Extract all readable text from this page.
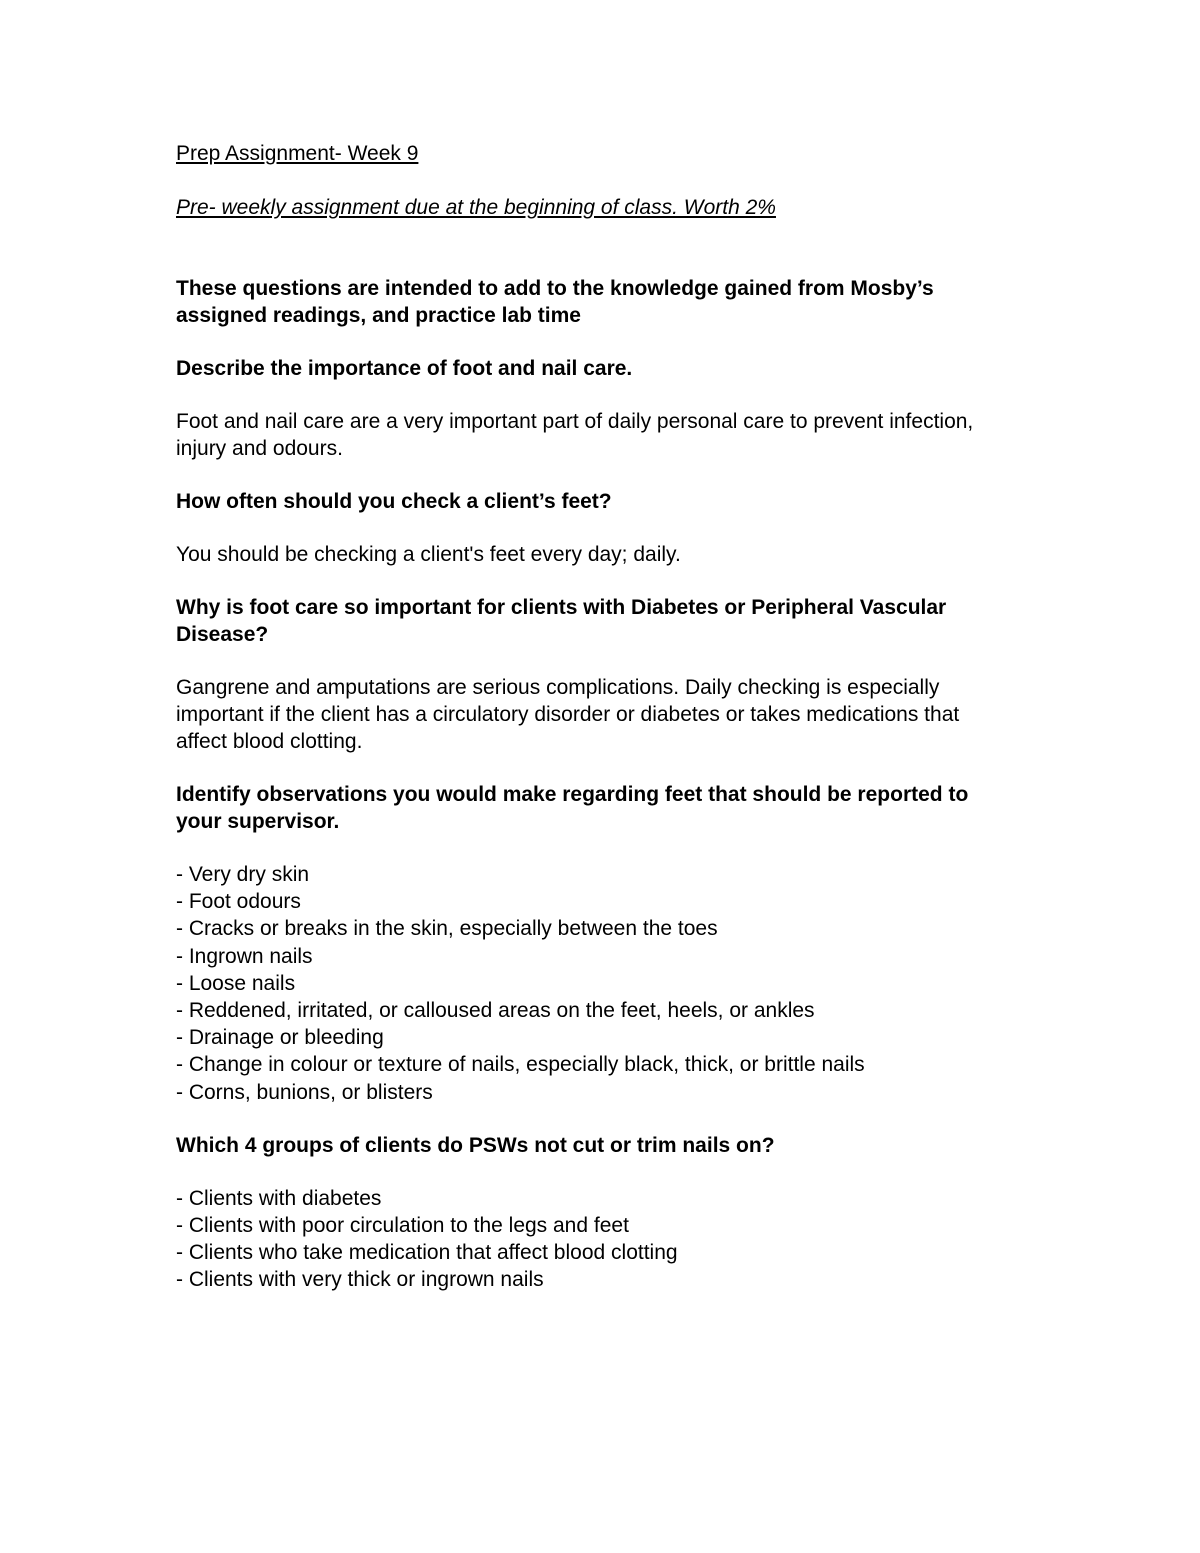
Prep Assignment- Week 9

Pre- weekly assignment due at the beginning of class. Worth 2%

These questions are intended to add to the knowledge gained from Mosby’s assigned readings, and practice lab time

Describe the importance of foot and nail care.

Foot and nail care are a very important part of daily personal care to prevent infection, injury and odours.

How often should you check a client’s feet?

You should be checking a client's feet every day; daily.

Why is foot care so important for clients with Diabetes or Peripheral Vascular Disease?

Gangrene and amputations are serious complications. Daily checking is especially important if the client has a circulatory disorder or diabetes or takes medications that affect blood clotting.

Identify observations you would make regarding feet that should be reported to your supervisor.

- Very dry skin
- Foot odours
- Cracks or breaks in the skin, especially between the toes
- Ingrown nails
- Loose nails
- Reddened, irritated, or calloused areas on the feet, heels, or ankles
- Drainage or bleeding
- Change in colour or texture of nails, especially black, thick, or brittle nails
- Corns, bunions, or blisters

Which 4 groups of clients do PSWs not cut or trim nails on?

- Clients with diabetes
- Clients with poor circulation to the legs and feet
- Clients who take medication that affect blood clotting
- Clients with very thick or ingrown nails
